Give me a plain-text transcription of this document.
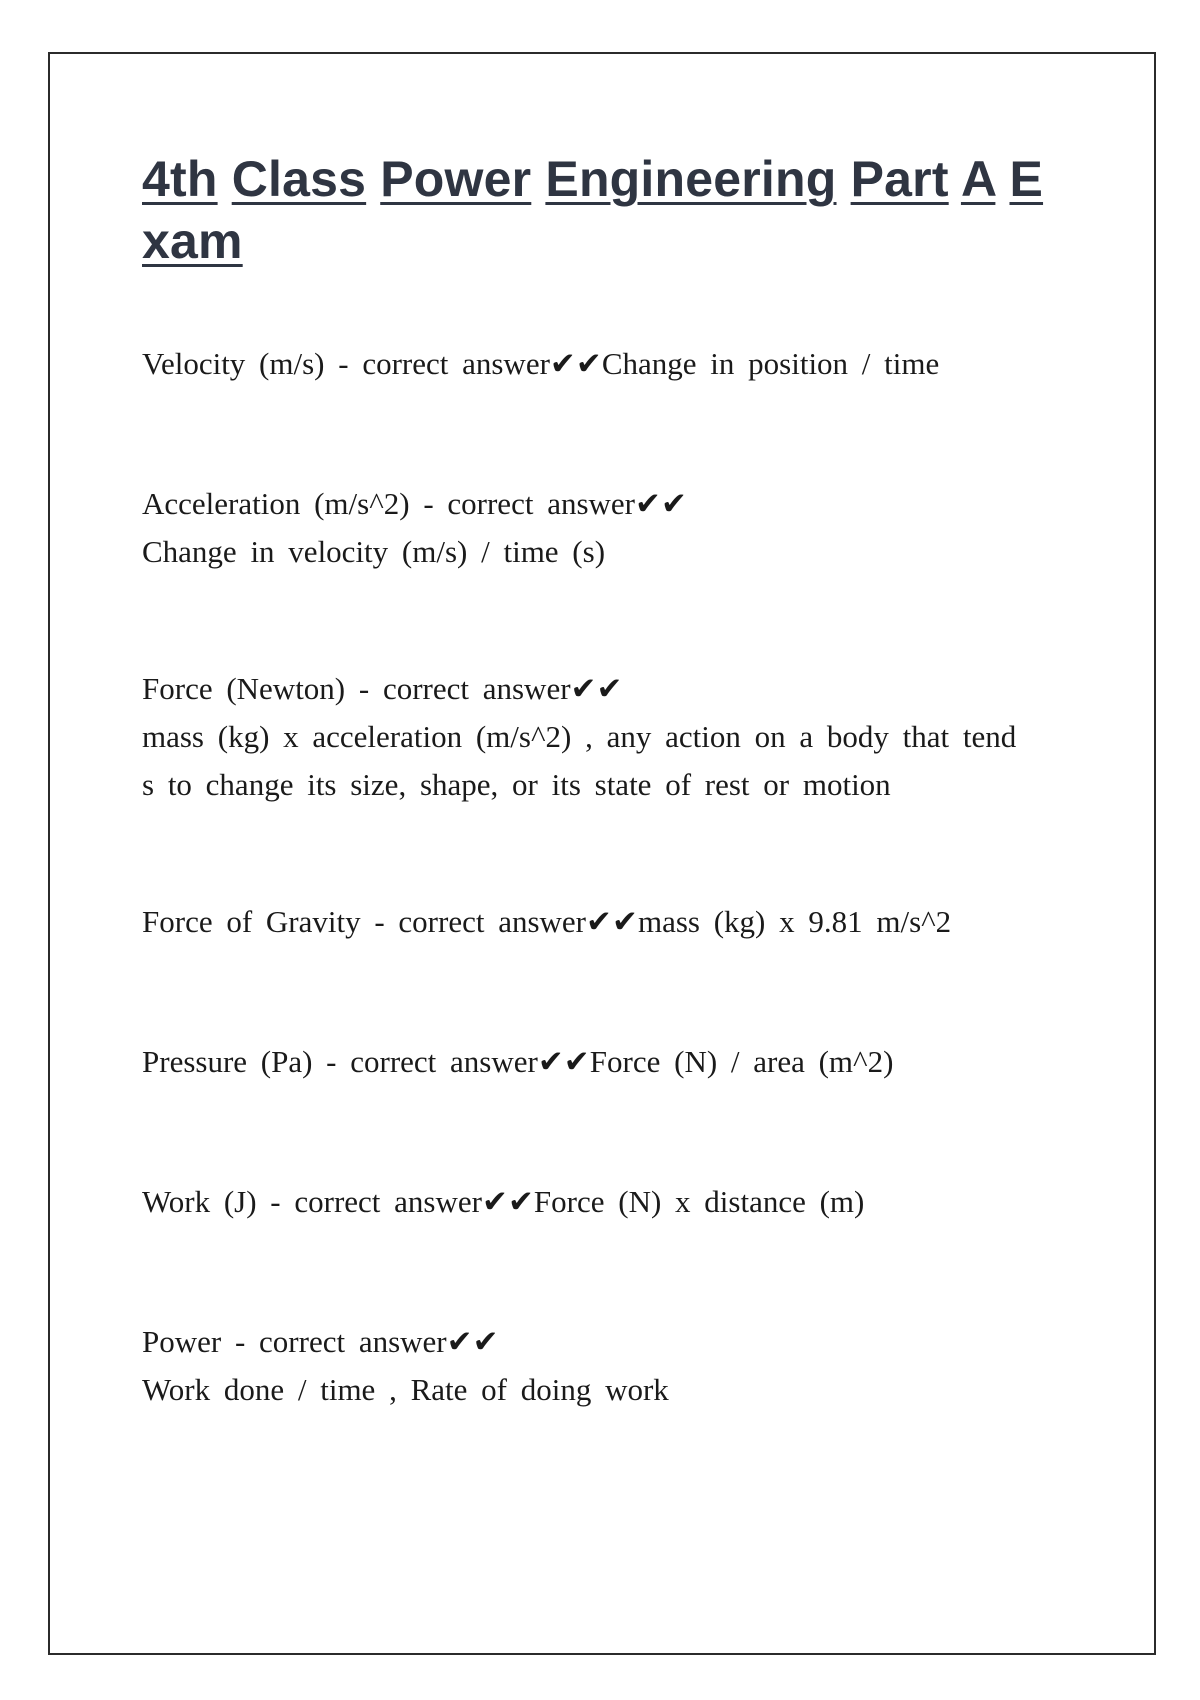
4th Class Power Engineering Part A E
xam
Velocity (m/s) - correct answer✔✔Change in position / time
Acceleration (m/s^2) - correct answer✔✔
Change in velocity (m/s) / time (s)
Force (Newton) - correct answer✔✔
mass (kg) x acceleration (m/s^2) , any action on a body that tend
s to change its size, shape, or its state of rest or motion
Force of Gravity - correct answer✔✔mass (kg) x 9.81 m/s^2
Pressure (Pa) - correct answer✔✔Force (N) / area (m^2)
Work (J) - correct answer✔✔Force (N) x distance (m)
Power - correct answer✔✔
Work done / time , Rate of doing work
